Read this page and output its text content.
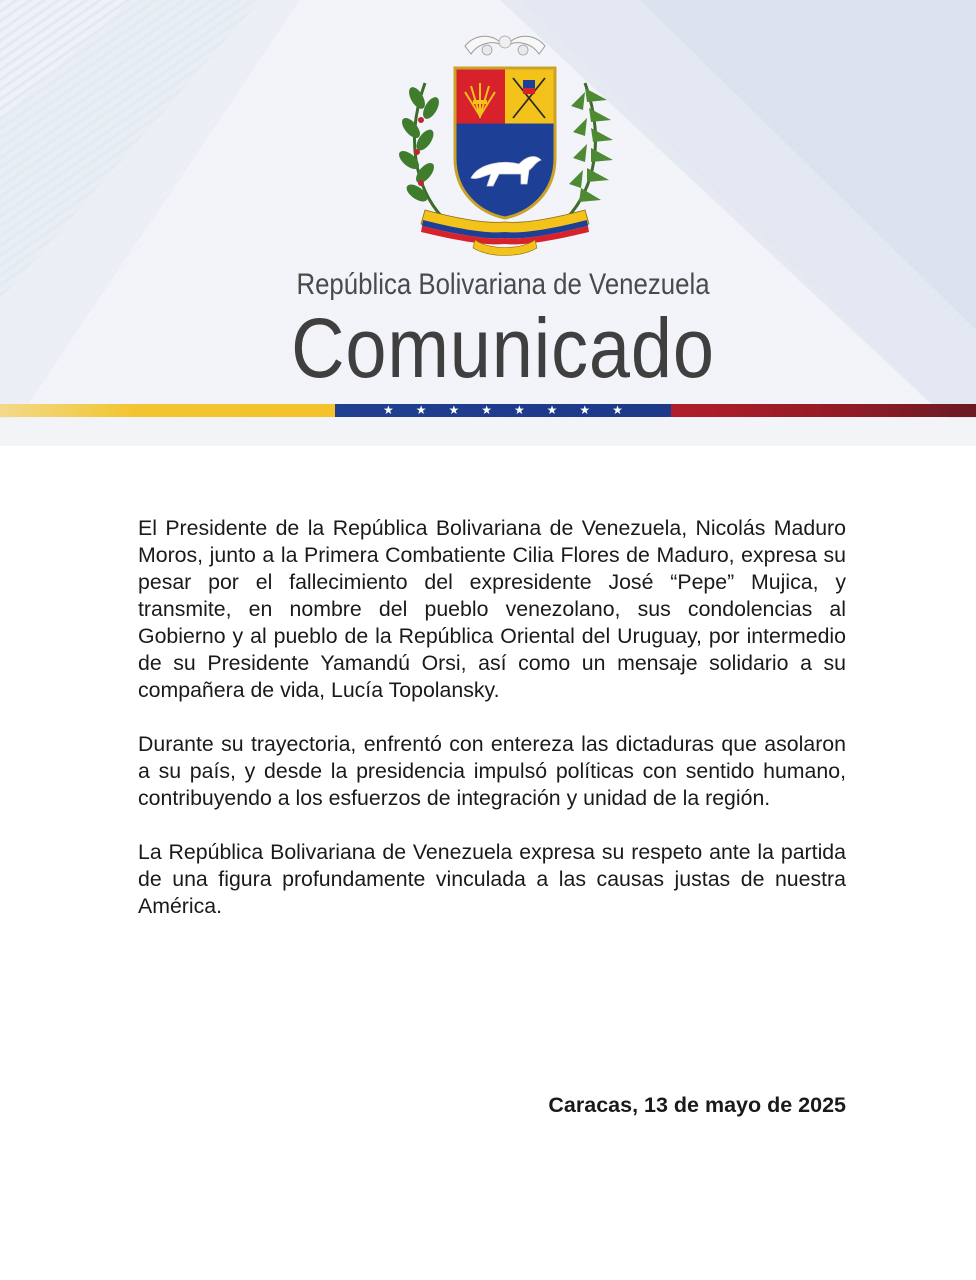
República Bolivariana de Venezuela
Comunicado
★ ★ ★ ★ ★ ★ ★ ★

El Presidente de la República Bolivariana de Venezuela, Nicolás Maduro Moros, junto a la Primera Combatiente Cilia Flores de Maduro, expresa su pesar por el fallecimiento del expresidente José “Pepe” Mujica, y transmite, en nombre del pueblo venezolano, sus condolencias al Gobierno y al pueblo de la República Oriental del Uruguay, por intermedio de su Presidente Yamandú Orsi, así como un mensaje solidario a su compañera de vida, Lucía Topolansky.

Durante su trayectoria, enfrentó con entereza las dictaduras que asolaron a su país, y desde la presidencia impulsó políticas con sentido humano, contribuyendo a los esfuerzos de integración y unidad de la región.

La República Bolivariana de Venezuela expresa su respeto ante la partida de una figura profundamente vinculada a las causas justas de nuestra América.

Caracas, 13 de mayo de 2025
